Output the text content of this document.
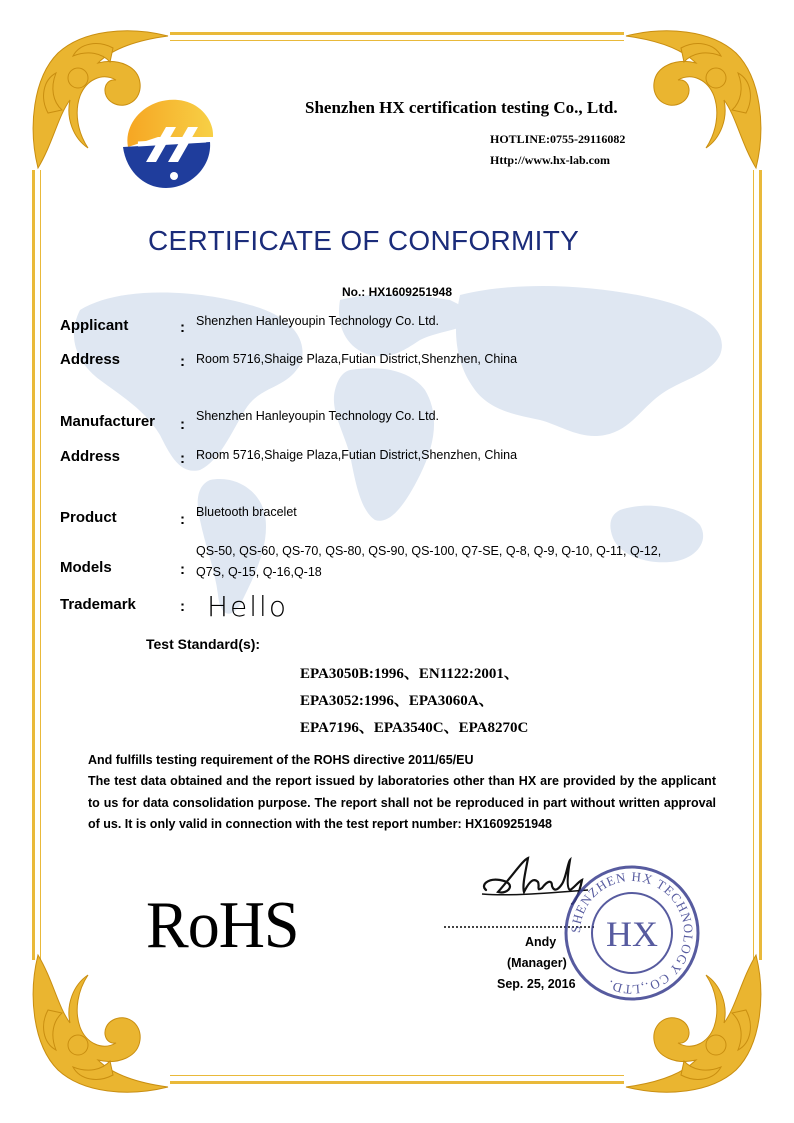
Shenzhen HX certification testing Co., Ltd.
HOTLINE:0755-29116082
Http://www.hx-lab.com
CERTIFICATE OF CONFORMITY
No.: HX1609251948
Applicant	: Shenzhen Hanleyoupin Technology Co. Ltd.
Address	: Room 5716,Shaige Plaza,Futian District,Shenzhen, China
Manufacturer : Shenzhen Hanleyoupin Technology Co. Ltd.
Address	: Room 5716,Shaige Plaza,Futian District,Shenzhen, China
Product	: Bluetooth bracelet
Models	:
QS-50, QS-60, QS-70, QS-80, QS-90, QS-100, Q7-SE, Q-8, Q-9, Q-10, Q-11, Q-12,
Q7S, Q-15, Q-16,Q-18
Trademark	: Hello
Test Standard(s):
EPA3050B:1996、EN1122:2001、
EPA3052:1996、EPA3060A、
EPA7196、EPA3540C、EPA8270C
And fulfills testing requirement of the ROHS directive 2011/65/EU
The test data obtained and the report issued by laboratories other than HX are provided by the applicant to us for data consolidation purpose. The report shall not be reproduced in part without written approval of us. It is only valid in connection with the test report number: HX1609251948
RoHS	Andy
(Manager)
Sep. 25, 2016
SHENZHEN HX TECHNOLOGY CO.,LTD.
HX
